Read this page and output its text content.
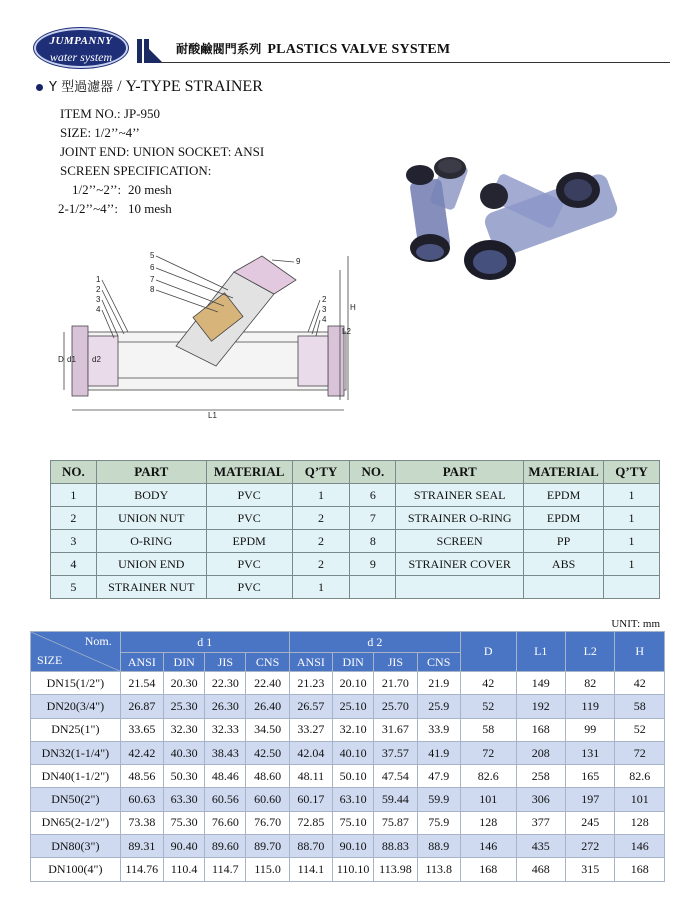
JUMPANNY
water system
耐酸鹼閥門系列 PLASTICS VALVE SYSTEM
Y 型過濾器 / Y-TYPE STRAINER
ITEM NO.: JP-950
SIZE: 1/2’’~4’’
JOINT END: UNION SOCKET: ANSI
SCREEN SPECIFICATION:
1/2’’~2’’: 20 mesh
2-1/2’’~4’’: 10 mesh
1
2
3
4
5
6
7
8
9
2
3
4
L1
L2
H
D d1 d2
NO.	PART	MATERIAL	Q’TY	NO.	PART	MATERIAL	Q’TY
1	BODY	PVC	1	6	STRAINER SEAL	EPDM	1
2	UNION NUT	PVC	2	7	STRAINER O-RING	EPDM	1
3	O-RING	EPDM	2	8	SCREEN	PP	1
4	UNION END	PVC	2	9	STRAINER COVER	ABS	1
5	STRAINER NUT	PVC	1				
UNIT: mm
Nom.
SIZE	d 1				d 2				D	L1	L2	H
	ANSI	DIN	JIS	CNS	ANSI	DIN	JIS	CNS				
DN15(1/2")	21.54	20.30	22.30	22.40	21.23	20.10	21.70	21.9	42	149	82	42
DN20(3/4")	26.87	25.30	26.30	26.40	26.57	25.10	25.70	25.9	52	192	119	58
DN25(1")	33.65	32.30	32.33	34.50	33.27	32.10	31.67	33.9	58	168	99	52
DN32(1-1/4")	42.42	40.30	38.43	42.50	42.04	40.10	37.57	41.9	72	208	131	72
DN40(1-1/2")	48.56	50.30	48.46	48.60	48.11	50.10	47.54	47.9	82.6	258	165	82.6
DN50(2")	60.63	63.30	60.56	60.60	60.17	63.10	59.44	59.9	101	306	197	101
DN65(2-1/2")	73.38	75.30	76.60	76.70	72.85	75.10	75.87	75.9	128	377	245	128
DN80(3")	89.31	90.40	89.60	89.70	88.70	90.10	88.83	88.9	146	435	272	146
DN100(4")	114.76	110.4	114.7	115.0	114.1	110.10	113.98	113.8	168	468	315	168
